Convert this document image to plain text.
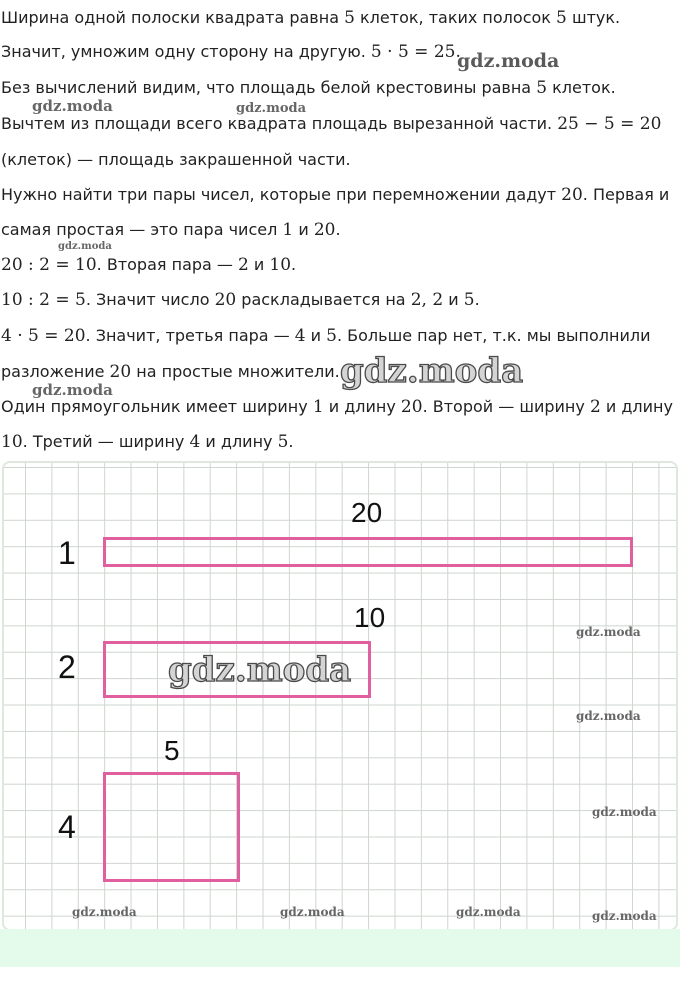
Ширина одной полоски квадрата равна 5 клеток, таких полосок 5 штук.
Значит, умножим одну сторону на другую. 5 · 5 = 25.
Без вычислений видим, что площадь белой крестовины равна 5 клеток.
Вычтем из площади всего квадрата площадь вырезанной части. 25 − 5 = 20
(клеток) — площадь закрашенной части.
Нужно найти три пары чисел, которые при перемножении дадут 20. Первая и
самая простая — это пара чисел 1 и 20.
20 : 2 = 10. Вторая пара — 2 и 10.
10 : 2 = 5. Значит число 20 раскладывается на 2, 2 и 5.
4 · 5 = 20. Значит, третья пара — 4 и 5. Больше пар нет, т.к. мы выполнили
разложение 20 на простые множители.
Один прямоугольник имеет ширину 1 и длину 20. Второй — ширину 2 и длину
10. Третий — ширину 4 и длину 5.
gdz.moda
gdz.moda	gdz.moda
gdz.moda
gdz.moda
gdz.moda
20
1
10
2
5
4
gdz.moda
gdz.moda
gdz.moda
gdz.moda
gdz.moda	gdz.moda	gdz.moda	gdz.moda
